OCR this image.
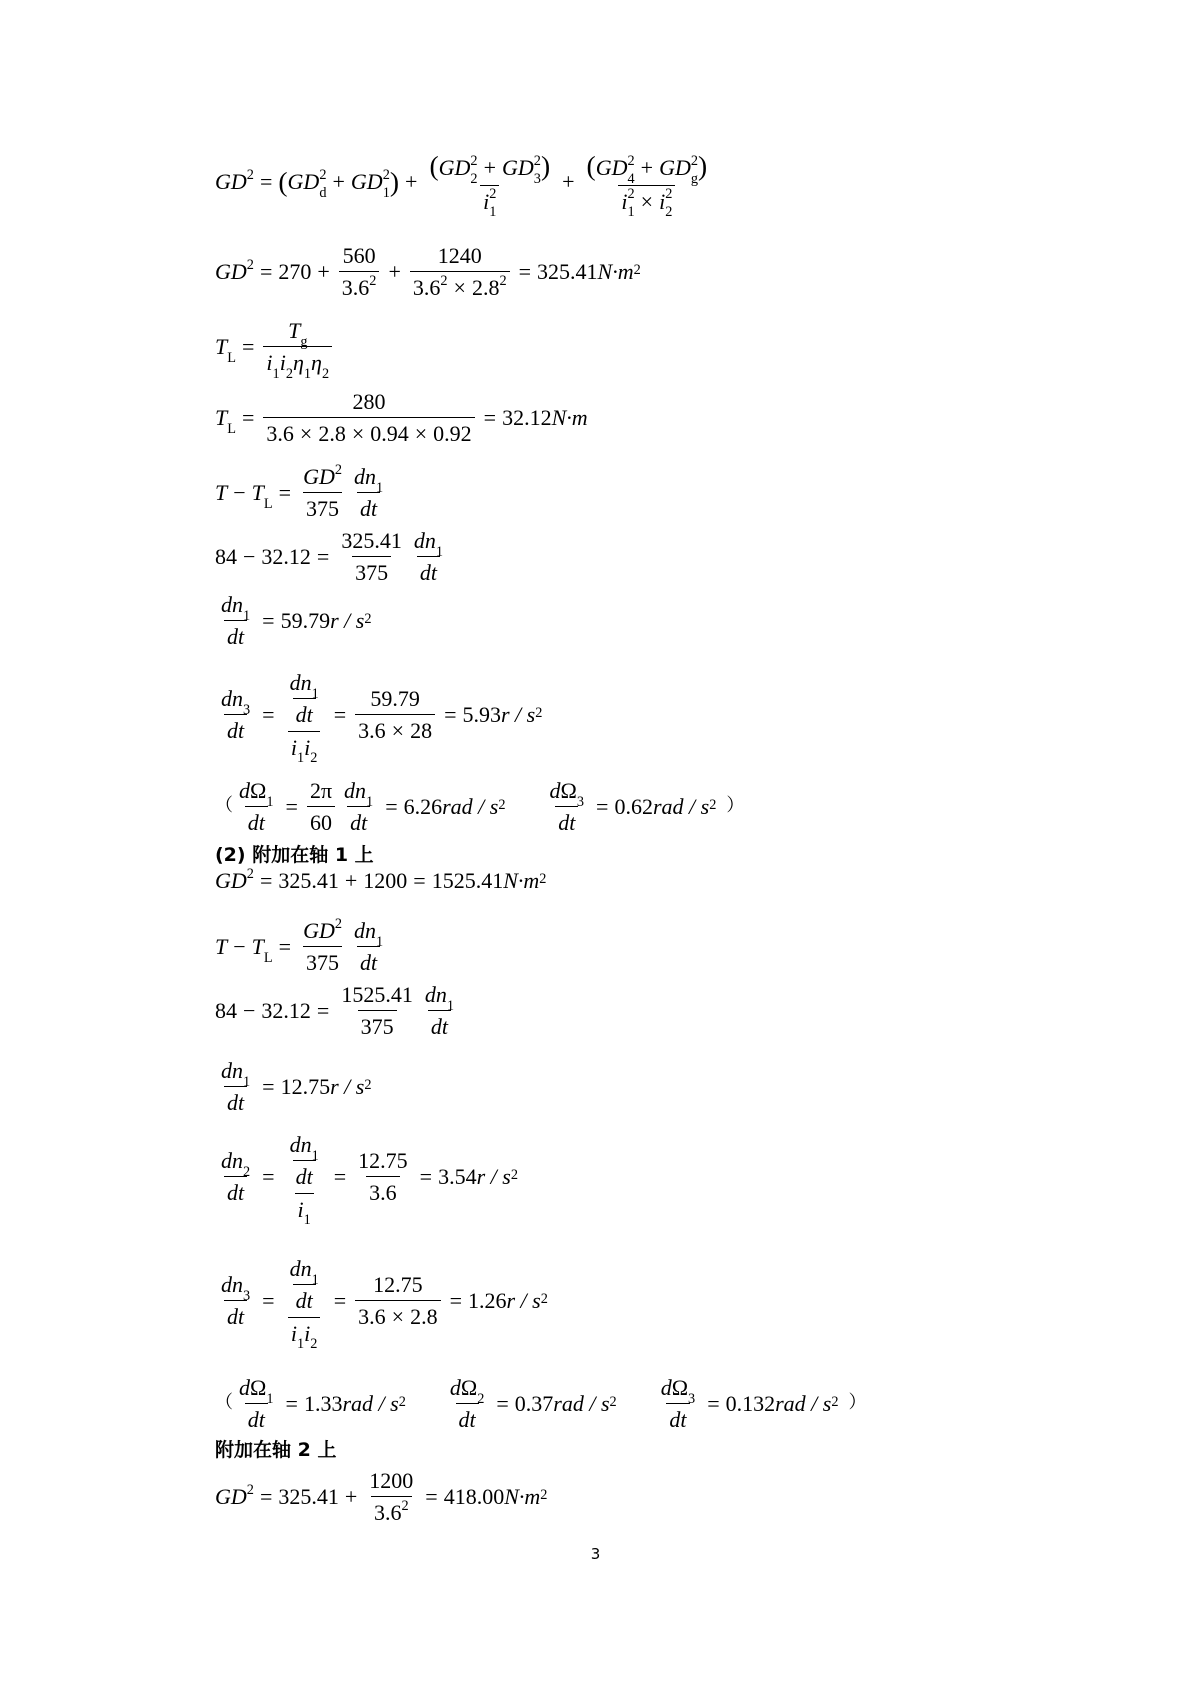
$GD^2$ = ( $GD^2_d + GD^2_1$ ) + $\frac{(GD^2_2 + GD^2_3)}{i^2_1} + \frac{(GD^2_4 + GD^2_g)}{i^2_1 \times i^2_2}$
$GD^2 = 270 + \frac{560}{3.6^2} + \frac{1240}{3.6^2 \times 2.8^2} = 325.41$ $N\cdot m^2$
$T_L = \frac{T_g}{i_1i_2\eta_1\eta_2}$
$T_L = \frac{280}{3.6 \times 2.8 \times 0.94 \times 0.92} = 32.12$ N·m
$T - T_L = \frac{GD^2}{375} \frac{dn_1}{dt}$
$84 - 32.12 = \frac{325.41}{375} \frac{dn_1}{dt}$
$\frac{dn_1}{dt} = 59.79$ r / $s^2$
$\frac{dn_3}{dt} = \frac{\frac{dn_1}{dt}}{i_1i_2} = \frac{59.79}{3.6 \times 28} = 5.93$ r / $s^2$
（ $\frac{d\Omega_1}{dt} = \frac{2\pi}{60} \frac{dn_1}{dt} = 6.26$ rad / $s^2 \frac{d\Omega_3}{dt} = 0.62$ rad / $s^2$ ）
(2) 附加在轴 1 上
$GD^2 = 325.41 + 1200 = 1525.41$ $N\cdot m^2$
$T - T_L = \frac{GD^2}{375} \frac{dn_1}{dt}$
$84 - 32.12 = \frac{1525.41}{375} \frac{dn_1}{dt}$
$\frac{dn_1}{dt} = 12.75$ r / $s^2$
$\frac{dn_2}{dt} = \frac{\frac{dn_1}{dt}}{i_1} = \frac{12.75}{3.6} = 3.54$ r / $s^2$
$\frac{dn_3}{dt} = \frac{\frac{dn_1}{dt}}{i_1i_2} = \frac{12.75}{3.6 \times 2.8} = 1.26$ r / $s^2$
（ $\frac{d\Omega_1}{dt} = 1.33$ rad / $s^2 \frac{d\Omega_2}{dt} = 0.37$ rad / $s^2 \frac{d\Omega_3}{dt} = 0.132$ rad / $s^2$ ）
附加在轴 2 上
$GD^2 = 325.41 + \frac{1200}{3.6^2} = 418.00$ $N\cdot m^2$
3
